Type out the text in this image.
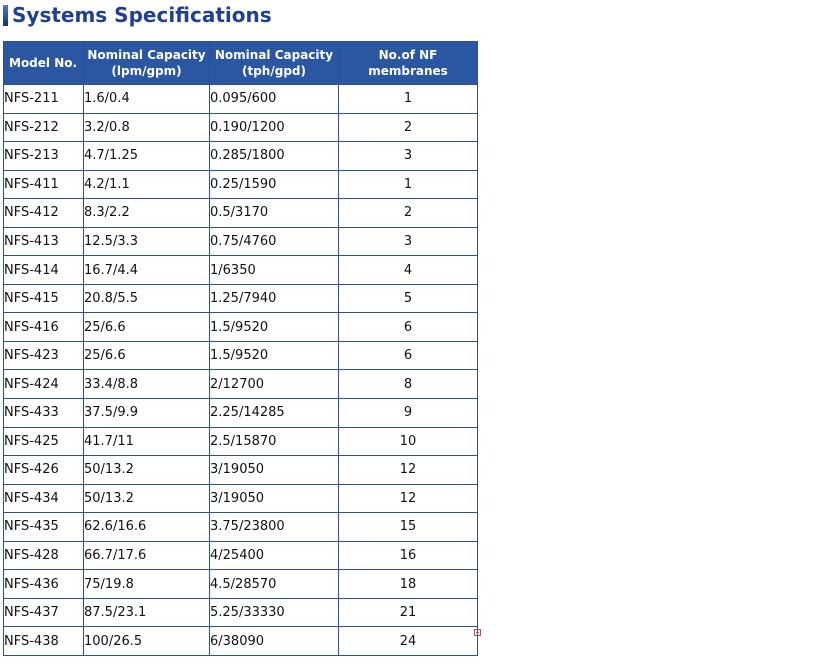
Systems Specifications
Model No.	Nominal Capacity (lpm/gpm)	Nominal Capacity (tph/gpd)	No.of NF membranes
NFS-211	1.6/0.4	0.095/600	1
NFS-212	3.2/0.8	0.190/1200	2
NFS-213	4.7/1.25	0.285/1800	3
NFS-411	4.2/1.1	0.25/1590	1
NFS-412	8.3/2.2	0.5/3170	2
NFS-413	12.5/3.3	0.75/4760	3
NFS-414	16.7/4.4	1/6350	4
NFS-415	20.8/5.5	1.25/7940	5
NFS-416	25/6.6	1.5/9520	6
NFS-423	25/6.6	1.5/9520	6
NFS-424	33.4/8.8	2/12700	8
NFS-433	37.5/9.9	2.25/14285	9
NFS-425	41.7/11	2.5/15870	10
NFS-426	50/13.2	3/19050	12
NFS-434	50/13.2	3/19050	12
NFS-435	62.6/16.6	3.75/23800	15
NFS-428	66.7/17.6	4/25400	16
NFS-436	75/19.8	4.5/28570	18
NFS-437	87.5/23.1	5.25/33330	21
NFS-438	100/26.5	6/38090	24
